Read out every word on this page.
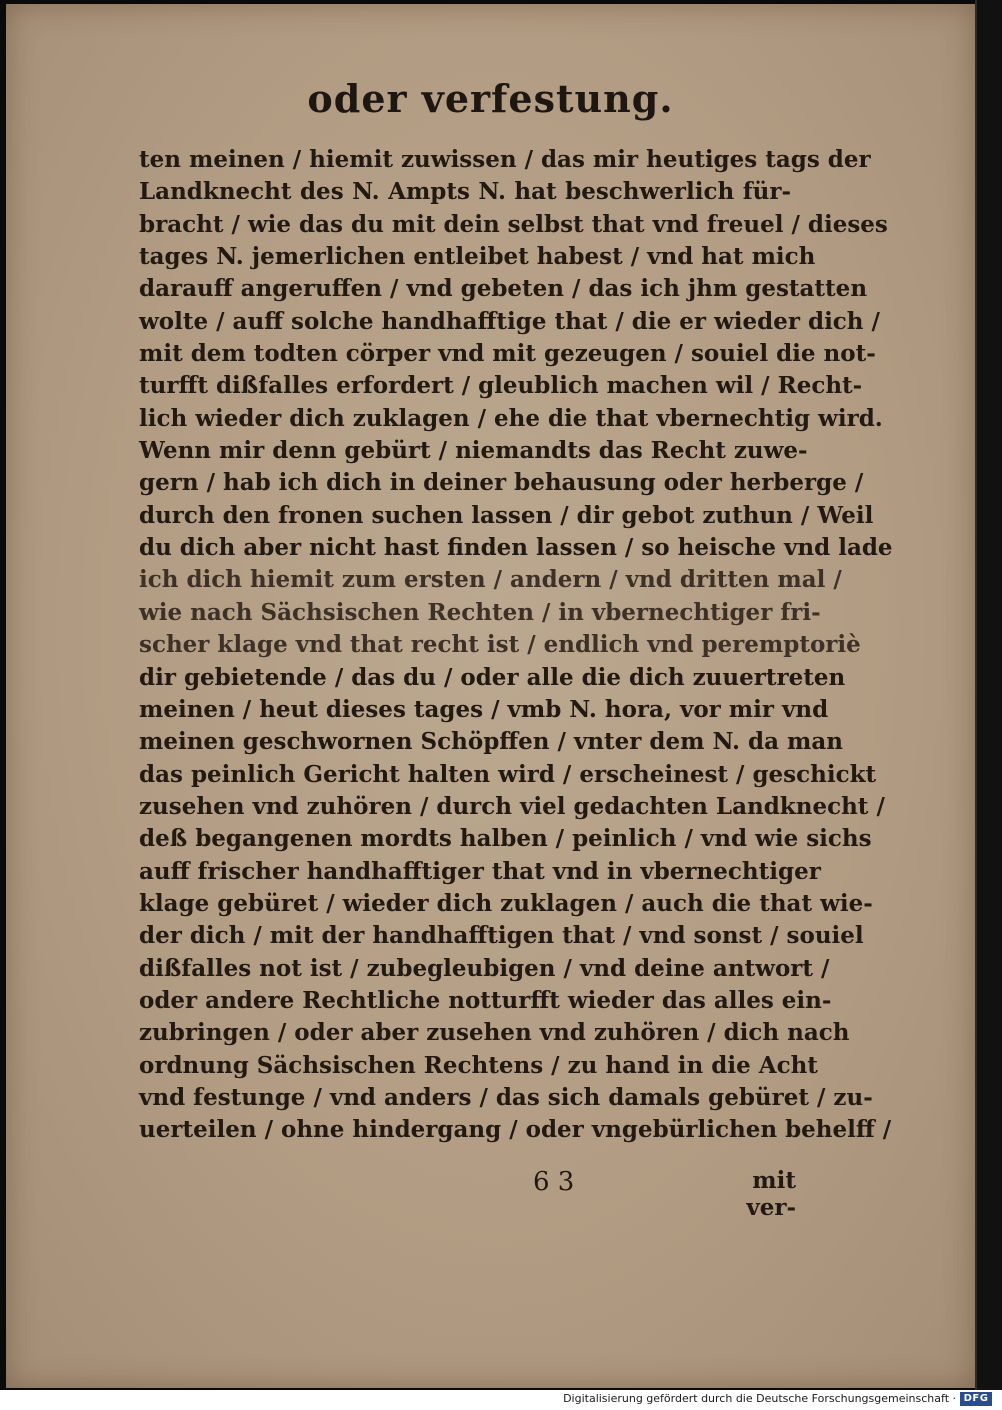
oder verfestung.
ten meinen / hiemit zuwissen / das mir heutiges tags der
Landknecht des N. Ampts N. hat beschwerlich für-
bracht / wie das du mit dein selbst that vnd freuel / dieses
tages N. jemerlichen entleibet habest / vnd hat mich
darauff angeruffen / vnd gebeten / das ich jhm gestatten
wolte / auff solche handhafftige that / die er wieder dich /
mit dem todten cörper vnd mit gezeugen / souiel die not-
turfft dißfalles erfordert / gleublich machen wil / Recht-
lich wieder dich zuklagen / ehe die that vbernechtig wird.
Wenn mir denn gebürt / niemandts das Recht zuwe-
gern / hab ich dich in deiner behausung oder herberge /
durch den fronen suchen lassen / dir gebot zuthun / Weil
du dich aber nicht hast finden lassen / so heische vnd lade
ich dich hiemit zum ersten / andern / vnd dritten mal /
wie nach Sächsischen Rechten / in vbernechtiger fri-
scher klage vnd that recht ist / endlich vnd peremptoriè
dir gebietende / das du / oder alle die dich zuuertreten
meinen / heut dieses tages / vmb N. hora, vor mir vnd
meinen geschwornen Schöpffen / vnter dem N. da man
das peinlich Gericht halten wird / erscheinest / geschickt
zusehen vnd zuhören / durch viel gedachten Landknecht /
deß begangenen mordts halben / peinlich / vnd wie sichs
auff frischer handhafftiger that vnd in vbernechtiger
klage gebüret / wieder dich zuklagen / auch die that wie-
der dich / mit der handhafftigen that / vnd sonst / souiel
dißfalles not ist / zubegleubigen / vnd deine antwort /
oder andere Rechtliche notturfft wieder das alles ein-
zubringen / oder aber zusehen vnd zuhören / dich nach
ordnung Sächsischen Rechtens / zu hand in die Acht
vnd festunge / vnd anders / das sich damals gebüret / zu-
uerteilen / ohne hindergang / oder vngebürlichen behelff /
6 3	mit ver-
Digitalisierung gefördert durch die Deutsche Forschungsgemeinschaft · DFG
